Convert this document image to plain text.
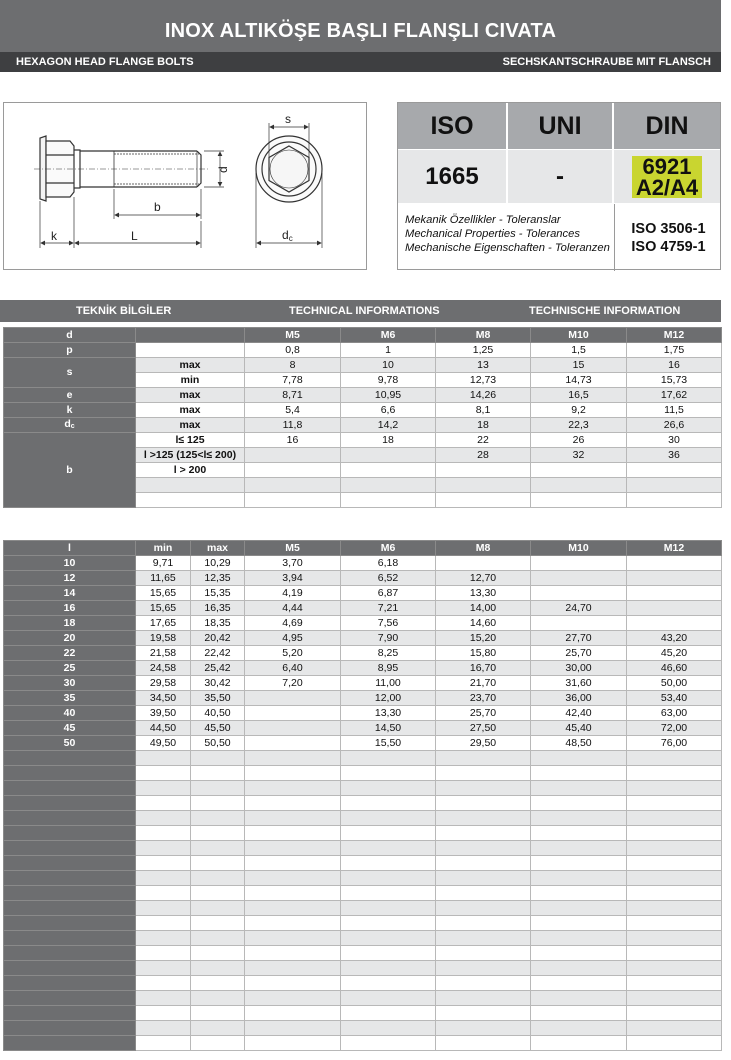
INOX ALTIKÖŞE BAŞLI FLANŞLI CIVATA
HEXAGON HEAD FLANGE BOLTS	SECHSKANTSCHRAUBE MIT FLANSCH
d
b
k	L
s
dc
ISO	UNI	DIN
1665	-	6921
A2/A4
Mekanik Özellikler - Toleranslar
Mechanical Properties - Tolerances
Mechanische Eigenschaften - Toleranzen
ISO 3506-1
ISO 4759-1
TEKNİK BİLGİLER	TECHNICAL INFORMATIONS	TECHNISCHE INFORMATION
d		M5	M6	M8	M10	M12
p		0,8	1	1,25	1,5	1,75
s	max	8	10	13	15	16
	min	7,78	9,78	12,73	14,73	15,73
e	max	8,71	10,95	14,26	16,5	17,62
k	max	5,4	6,6	8,1	9,2	11,5
$d_c$	max	11,8	14,2	18	22,3	26,6
b	l≤ 125	16	18	22	26	30
	l >125 (125<l≤ 200)			28	32	36
	l > 200					

l	min	max	M5	M6	M8	M10	M12
10	9,71	10,29	3,70	6,18			
12	11,65	12,35	3,94	6,52	12,70		
14	15,65	15,35	4,19	6,87	13,30		
16	15,65	16,35	4,44	7,21	14,00	24,70	
18	17,65	18,35	4,69	7,56	14,60		
20	19,58	20,42	4,95	7,90	15,20	27,70	43,20
22	21,58	22,42	5,20	8,25	15,80	25,70	45,20
25	24,58	25,42	6,40	8,95	16,70	30,00	46,60
30	29,58	30,42	7,20	11,00	21,70	31,60	50,00
35	34,50	35,50		12,00	23,70	36,00	53,40
40	39,50	40,50		13,30	25,70	42,40	63,00
45	44,50	45,50		14,50	27,50	45,40	72,00
50	49,50	50,50		15,50	29,50	48,50	76,00
